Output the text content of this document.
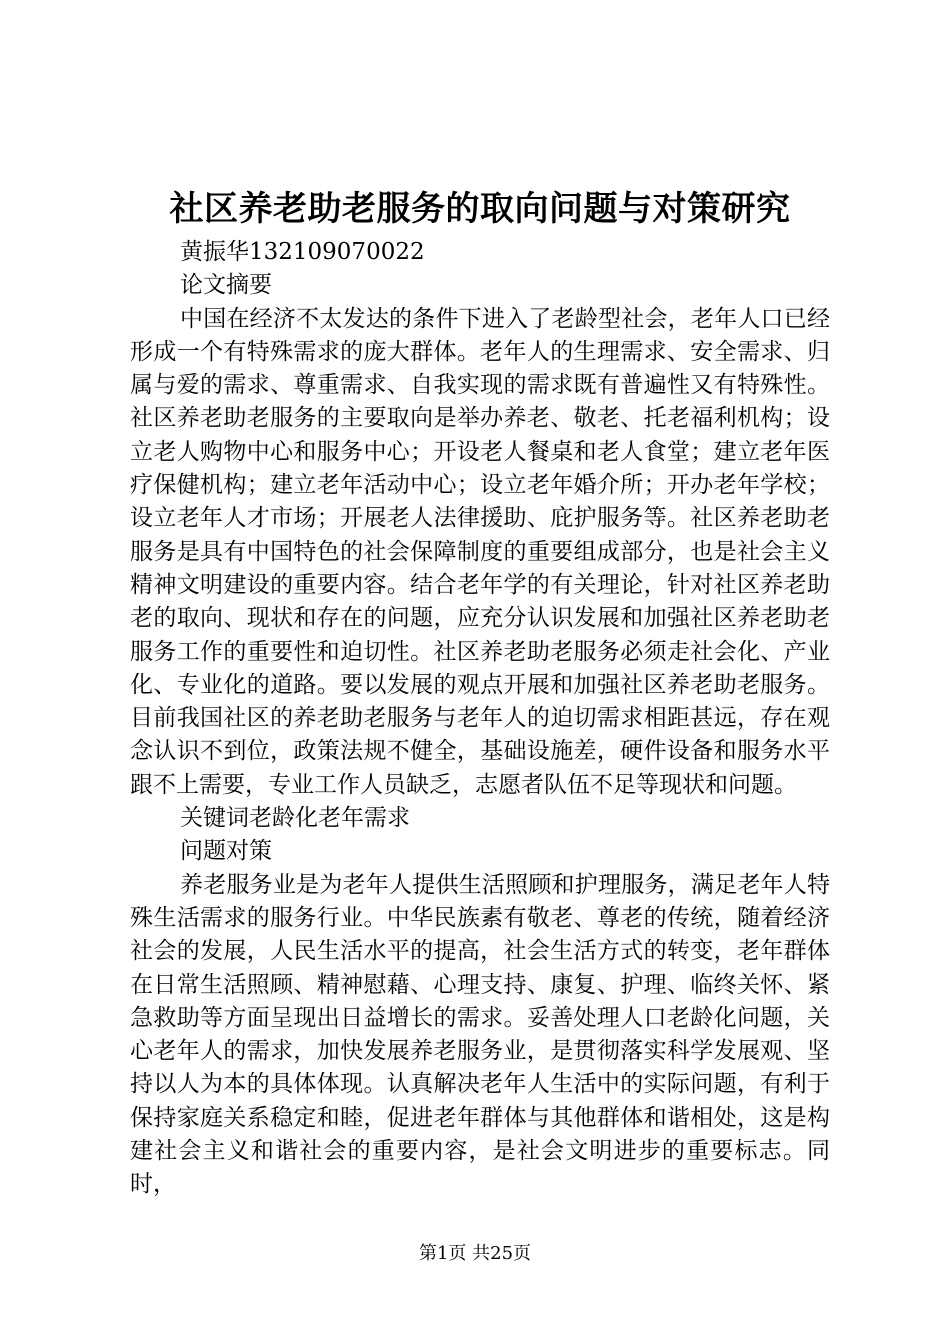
社区养老助老服务的取向问题与对策研究

黄振华132109070022

论文摘要

中国在经济不太发达的条件下进入了老龄型社会，老年人口已经形成一个有特殊需求的庞大群体。老年人的生理需求、安全需求、归属与爱的需求、尊重需求、自我实现的需求既有普遍性又有特殊性。社区养老助老服务的主要取向是举办养老、敬老、托老福利机构；设立老人购物中心和服务中心；开设老人餐桌和老人食堂；建立老年医疗保健机构；建立老年活动中心；设立老年婚介所；开办老年学校；设立老年人才市场；开展老人法律援助、庇护服务等。社区养老助老服务是具有中国特色的社会保障制度的重要组成部分，也是社会主义精神文明建设的重要内容。结合老年学的有关理论，针对社区养老助老的取向、现状和存在的问题，应充分认识发展和加强社区养老助老服务工作的重要性和迫切性。社区养老助老服务必须走社会化、产业化、专业化的道路。要以发展的观点开展和加强社区养老助老服务。目前我国社区的养老助老服务与老年人的迫切需求相距甚远，存在观念认识不到位，政策法规不健全，基础设施差，硬件设备和服务水平跟不上需要，专业工作人员缺乏，志愿者队伍不足等现状和问题。

关键词老龄化老年需求

问题对策

养老服务业是为老年人提供生活照顾和护理服务，满足老年人特殊生活需求的服务行业。中华民族素有敬老、尊老的传统，随着经济社会的发展，人民生活水平的提高，社会生活方式的转变，老年群体在日常生活照顾、精神慰藉、心理支持、康复、护理、临终关怀、紧急救助等方面呈现出日益增长的需求。妥善处理人口老龄化问题，关心老年人的需求，加快发展养老服务业，是贯彻落实科学发展观、坚持以人为本的具体体现。认真解决老年人生活中的实际问题，有利于保持家庭关系稳定和睦，促进老年群体与其他群体和谐相处，这是构建社会主义和谐社会的重要内容，是社会文明进步的重要标志。同时，

第1页 共25页
